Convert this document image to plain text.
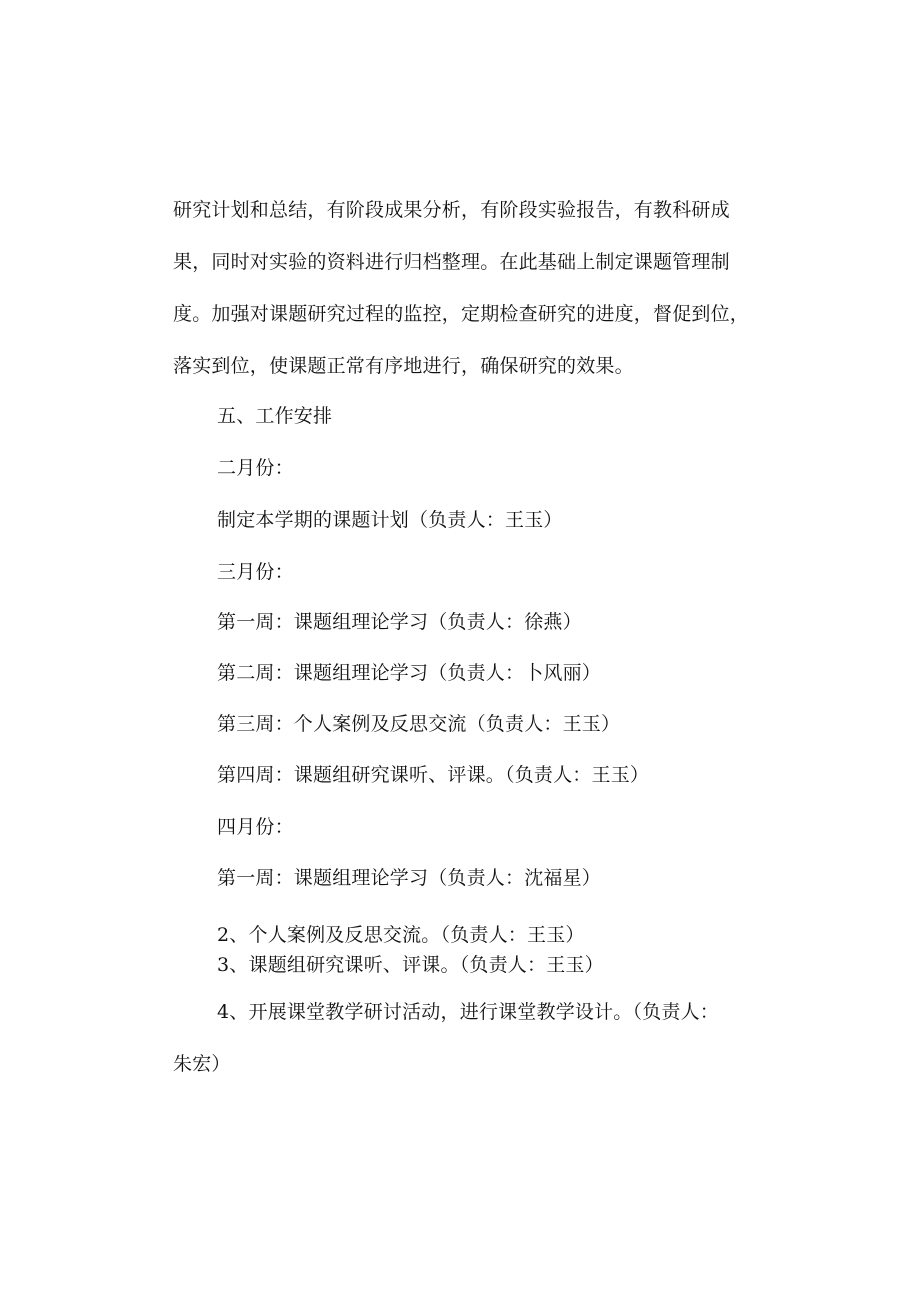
研究计划和总结，有阶段成果分析，有阶段实验报告，有教科研成
果，同时对实验的资料进行归档整理。在此基础上制定课题管理制
度。加强对课题研究过程的监控，定期检查研究的进度，督促到位，
落实到位，使课题正常有序地进行，确保研究的效果。
五、工作安排
二月份：
制定本学期的课题计划（负责人：王玉）
三月份：
第一周：课题组理论学习（负责人：徐燕）
第二周：课题组理论学习（负责人：卜风丽）
第三周：个人案例及反思交流（负责人：王玉）
第四周：课题组研究课听、评课。（负责人：王玉）
四月份：
第一周：课题组理论学习（负责人：沈福星）
2、个人案例及反思交流。（负责人：王玉）
3、课题组研究课听、评课。（负责人：王玉）
4、开展课堂教学研讨活动，进行课堂教学设计。（负责人：
朱宏）
